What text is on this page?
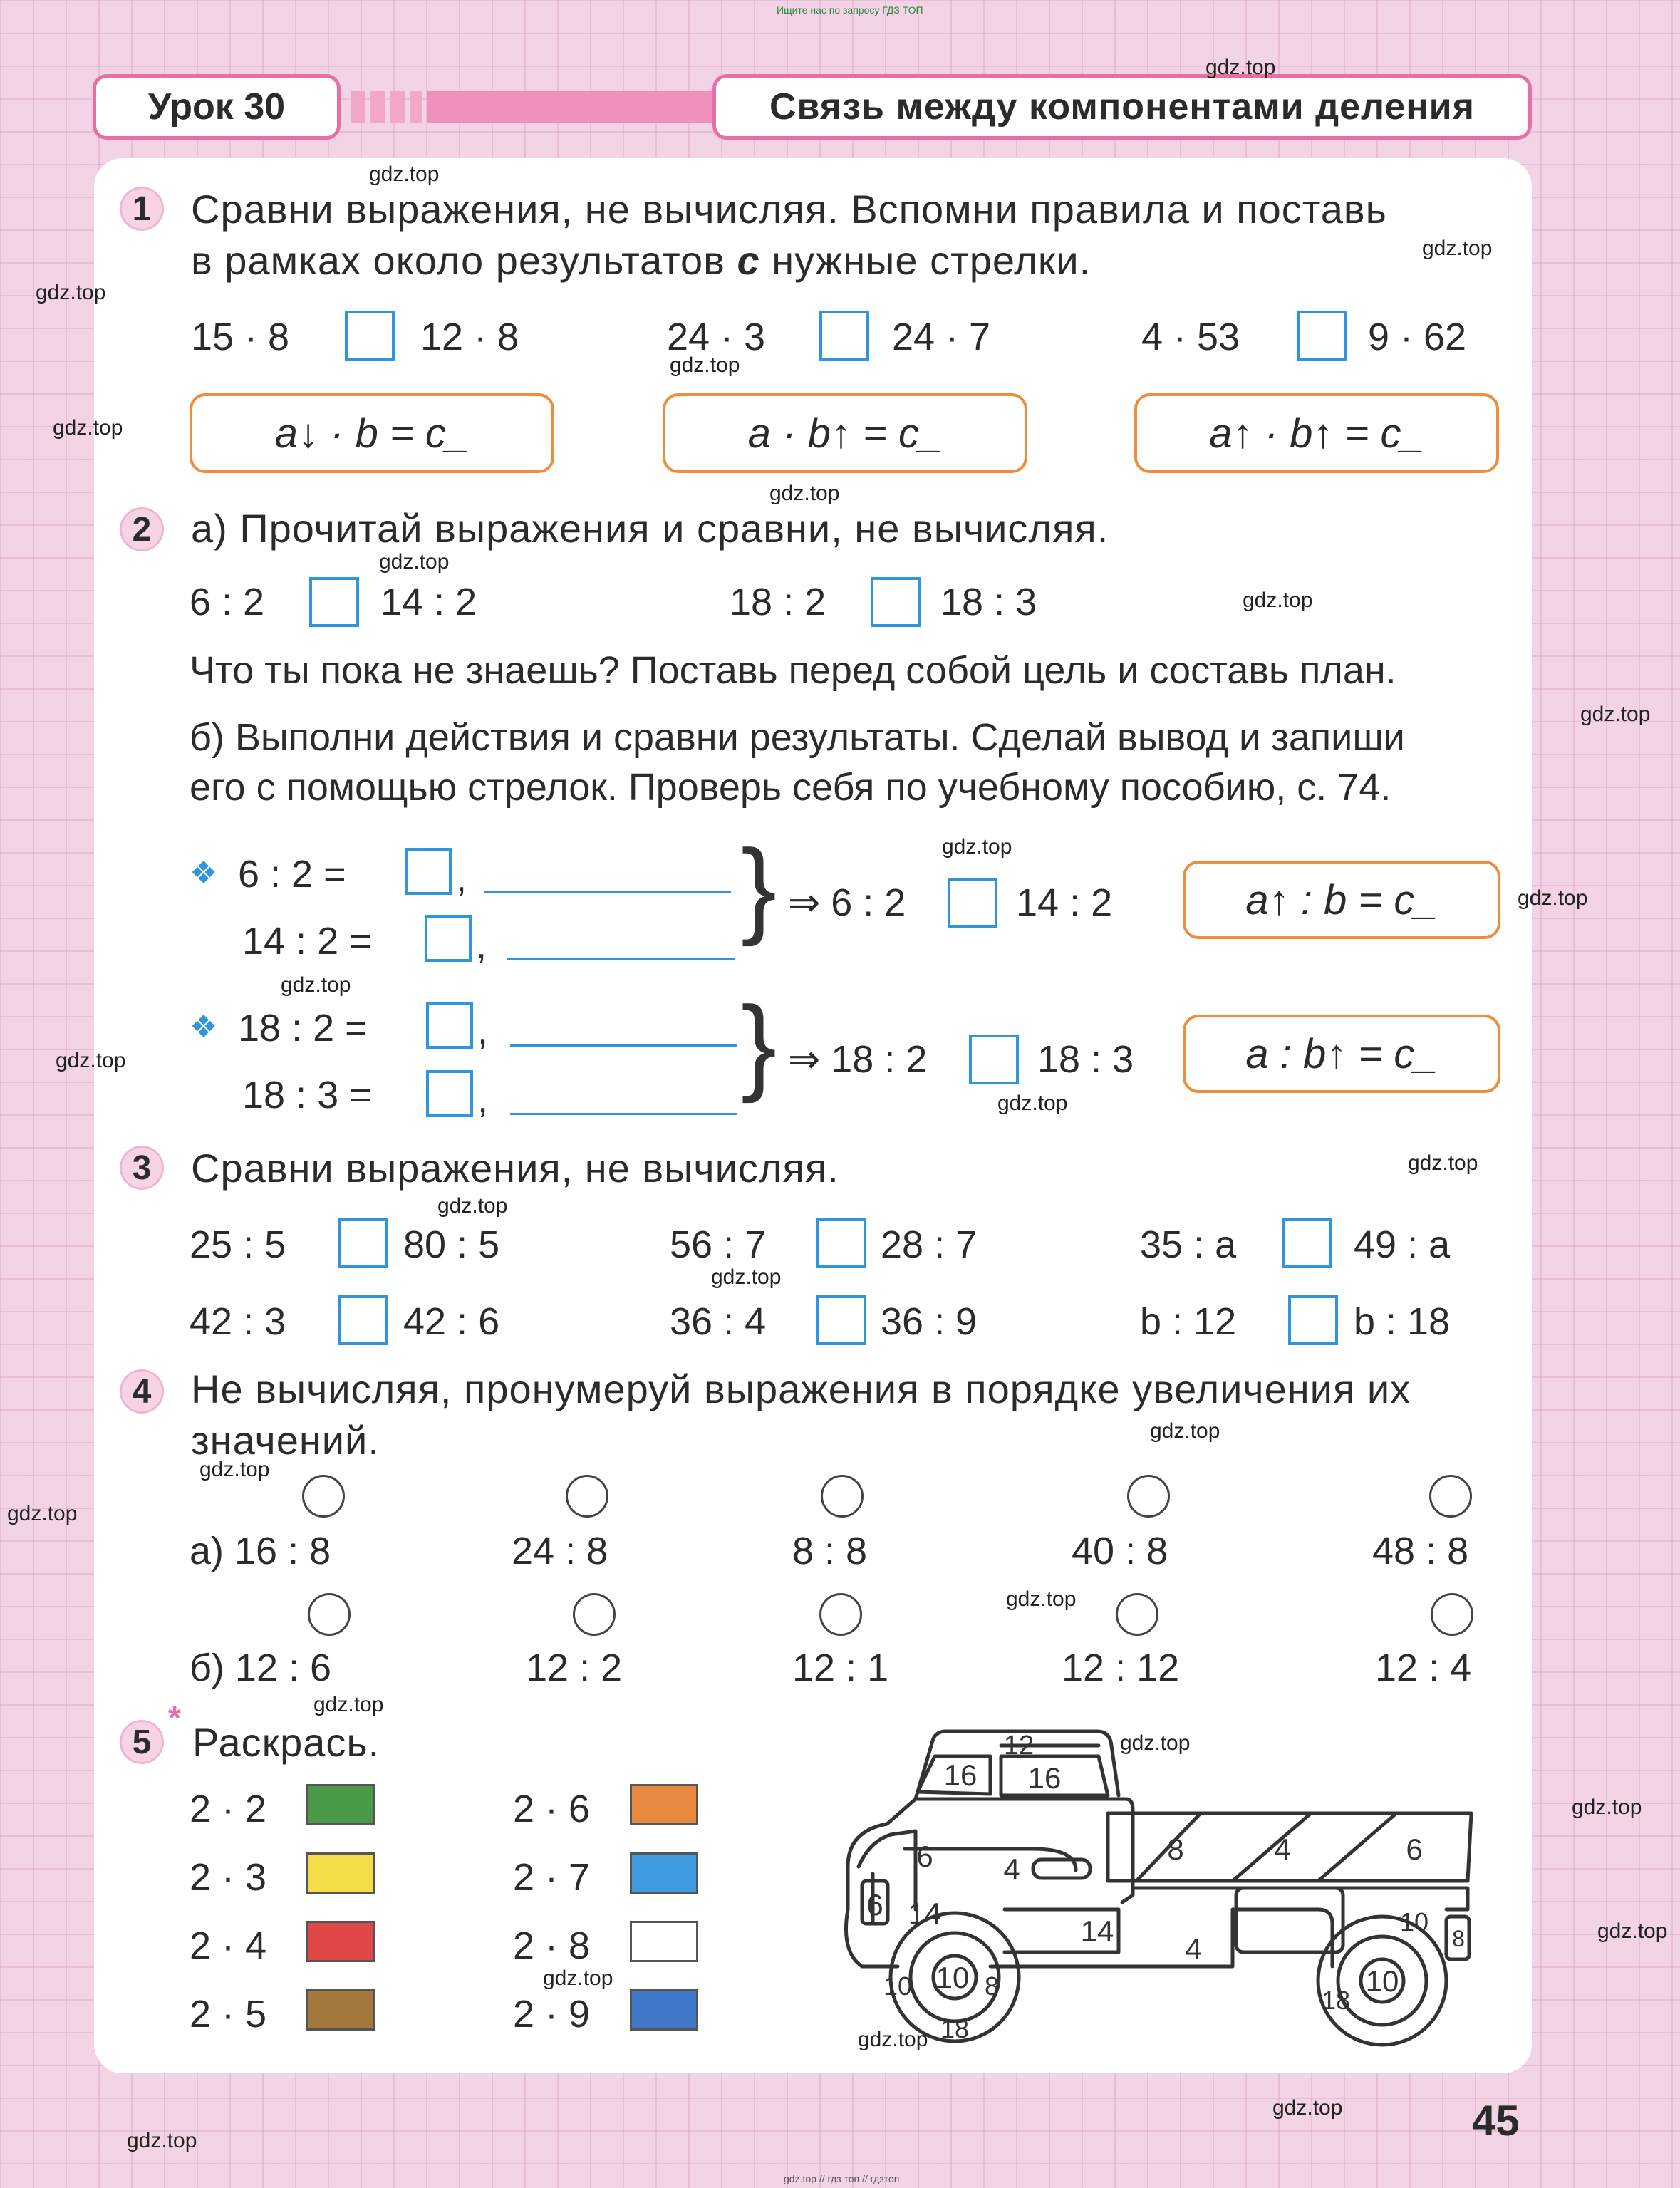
Ищите нас по запросу ГДЗ ТОП
gdz.top // гдз топ // гдзтоп
Урок 30	Связь между компонентами деления
1 Сравни выражения, не вычисляя. Вспомни правила и поставь
в рамках около результатов с нужные стрелки.
15 · 8	12 · 8	24 · 3	24 · 7	4 · 53	9 · 62
a↓ · b = c_	a · b↑ = c_	a↑ · b↑ = c_
2 а) Прочитай выражения и сравни, не вычисляя.
6 : 2	14 : 2	18 : 2	18 : 3
Что ты пока не знаешь? Поставь перед собой цель и составь план.
б) Выполни действия и сравни результаты. Сделай вывод и запиши
его с помощью стрелок. Проверь себя по учебному пособию, с. 74.
❖ 6 : 2 =	,
14 : 2 =	, } ⇒ 6 : 2	14 : 2	a↑ : b = c_
❖ 18 : 2 =	,
18 : 3 =	, } ⇒ 18 : 2	18 : 3	a : b↑ = c_
3 Сравни выражения, не вычисляя.
25 : 5	80 : 5	56 : 7	28 : 7	35 : a	49 : a
42 : 3	42 : 6	36 : 4	36 : 9	b : 12	b : 18
4 Не вычисляя, пронумеруй выражения в порядке увеличения их
значений.
а) 16 : 8	24 : 8	8 : 8	40 : 8	48 : 8
б) 12 : 6	12 : 2	12 : 1	12 : 12	12 : 4
5
*
Раскрась.
2 · 2
2 · 3
2 · 4
2 · 5
2 · 6
2 · 7
2 · 8
2 · 9
12
16 16
8	4	6
6 4
6 14
14
4
10
10	8
18
10
18
10
8
45
gdz.top
gdz.top
gdz.top
gdz.top
gdz.top
gdz.top
gdz.top
gdz.top
gdz.top
gdz.top
gdz.top
gdz.top
gdz.top
gdz.top
gdz.top
gdz.top
gdz.top
gdz.top
gdz.top
gdz.top
gdz.top
gdz.top
gdz.top
gdz.top
gdz.top
gdz.top
gdz.top
gdz.top
gdz.top
gdz.top
